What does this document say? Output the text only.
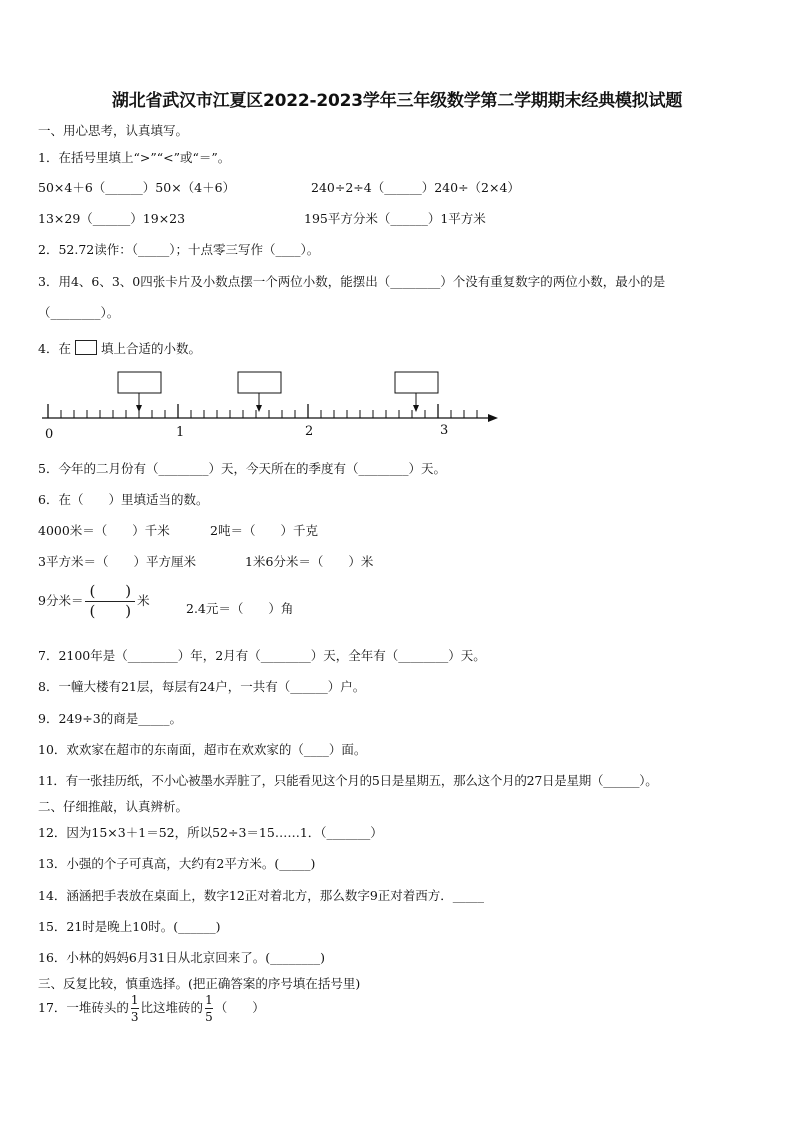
湖北省武汉市江夏区2022-2023学年三年级数学第二学期期末经典模拟试题
一、用心思考，认真填写。
1．在括号里填上“>”“<”或“＝”。
50×4＋6（______）50×（4＋6）	240÷2÷4（______）240÷（2×4）
13×29（______）19×23	195平方分米（______）1平方米
2．52.72读作：（_____）；十点零三写作（____）。
3．用4、6、3、0四张卡片及小数点摆一个两位小数，能摆出（________）个没有重复数字的两位小数，最小的是
（________）。
4．在 填上合适的小数。
0	1	2	3
5．今年的二月份有（________）天，今天所在的季度有（________）天。
6．在（　　）里填适当的数。
4000米＝（　　）千米	2吨＝（　　）千克
3平方米＝（　　）平方厘米	1米6分米＝（　　）米
9分米＝ $\frac{( )}{( )}$ 米
2.4元＝（　　）角
7．2100年是（________）年，2月有（________）天，全年有（________）天。
8．一幢大楼有21层，每层有24户，一共有（______）户。
9．249÷3的商是_____。
10．欢欢家在超市的东南面，超市在欢欢家的（____）面。
11．有一张挂历纸，不小心被墨水弄脏了，只能看见这个月的5日是星期五，那么这个月的27日是星期（______）。
二、仔细推敲，认真辨析。
12．因为15×3＋1＝52，所以52÷3＝15……1．（_______）
13．小强的个子可真高，大约有2平方米。(_____)
14．涵涵把手表放在桌面上，数字12正对着北方，那么数字9正对着西方．_____
15．21时是晚上10时。(______)
16．小林的妈妈6月31日从北京回来了。(________)
三、反复比较，慎重选择。(把正确答案的序号填在括号里)
17．一堆砖头的 $\frac{1}{3}$ 比这堆砖的 $\frac{1}{5}$ （　　）
